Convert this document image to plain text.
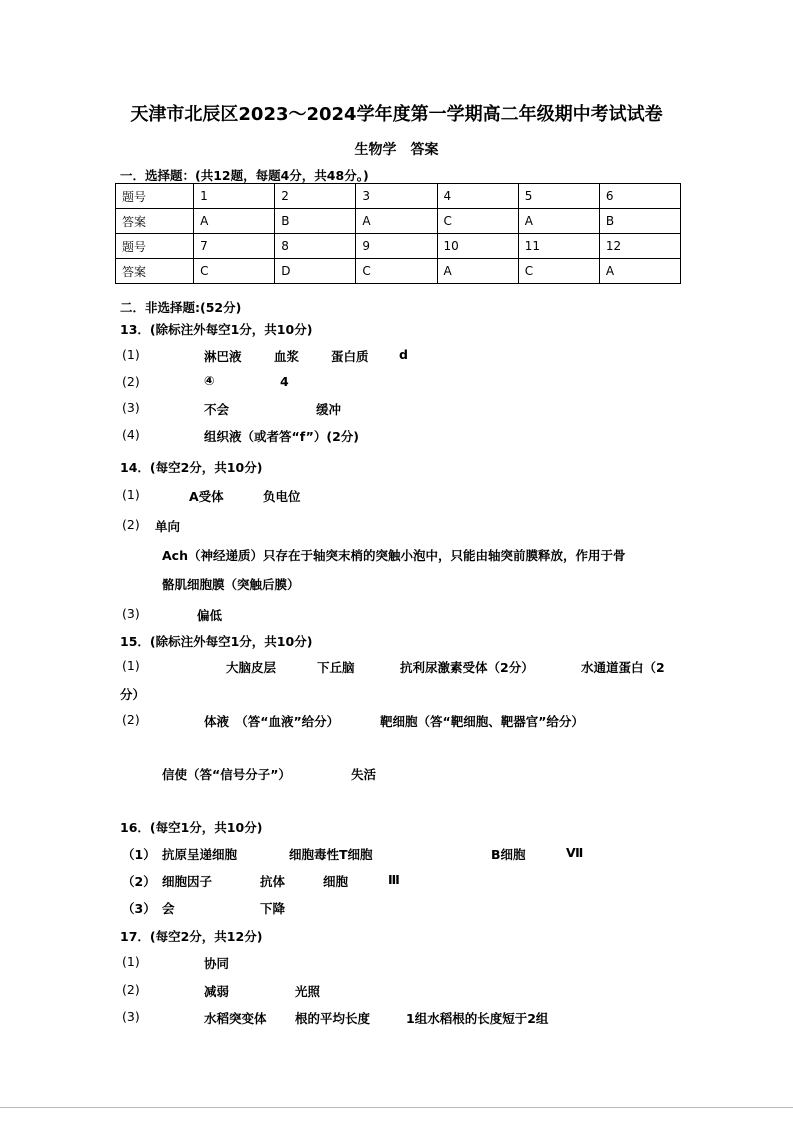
天津市北辰区2023～2024学年度第一学期高二年级期中考试试卷
生物学　答案
一．选择题：(共12题，每题4分，共48分。)
题号	1	2	3	4	5	6
答案	A	B	A	C	A	B
题号	7	8	9	10	11	12
答案	C	D	C	A	C	A
二．非选择题:(52分)
13．(除标注外每空1分，共10分)
(1)	淋巴液	血浆	蛋白质 d
(2)	④	4
(3)	不会	缓冲
(4)	组织液（或者答“f”）(2分)
14．(每空2分，共10分)
(1)	A受体	负电位
(2) 单向
Ach（神经递质）只存在于轴突末梢的突触小泡中，只能由轴突前膜释放，作用于骨
骼肌细胞膜（突触后膜）
(3)	偏低
15．(除标注外每空1分，共10分)
(1)	大脑皮层	下丘脑	抗利尿激素受体（2分）	水通道蛋白（2
分）
(2)	体液　（答“血液”给分）	靶细胞（答“靶细胞、靶器官”给分）
信使（答“信号分子”）	失活
16．(每空1分，共10分)
（1） 抗原呈递细胞	细胞毒性T细胞	B细胞	Ⅶ
（2） 细胞因子	抗体	细胞	Ⅲ
（3） 会	下降
17．(每空2分，共12分)
(1)	协同
(2)	减弱	光照
(3)	水稻突变体 根的平均长度	1组水稻根的长度短于2组
